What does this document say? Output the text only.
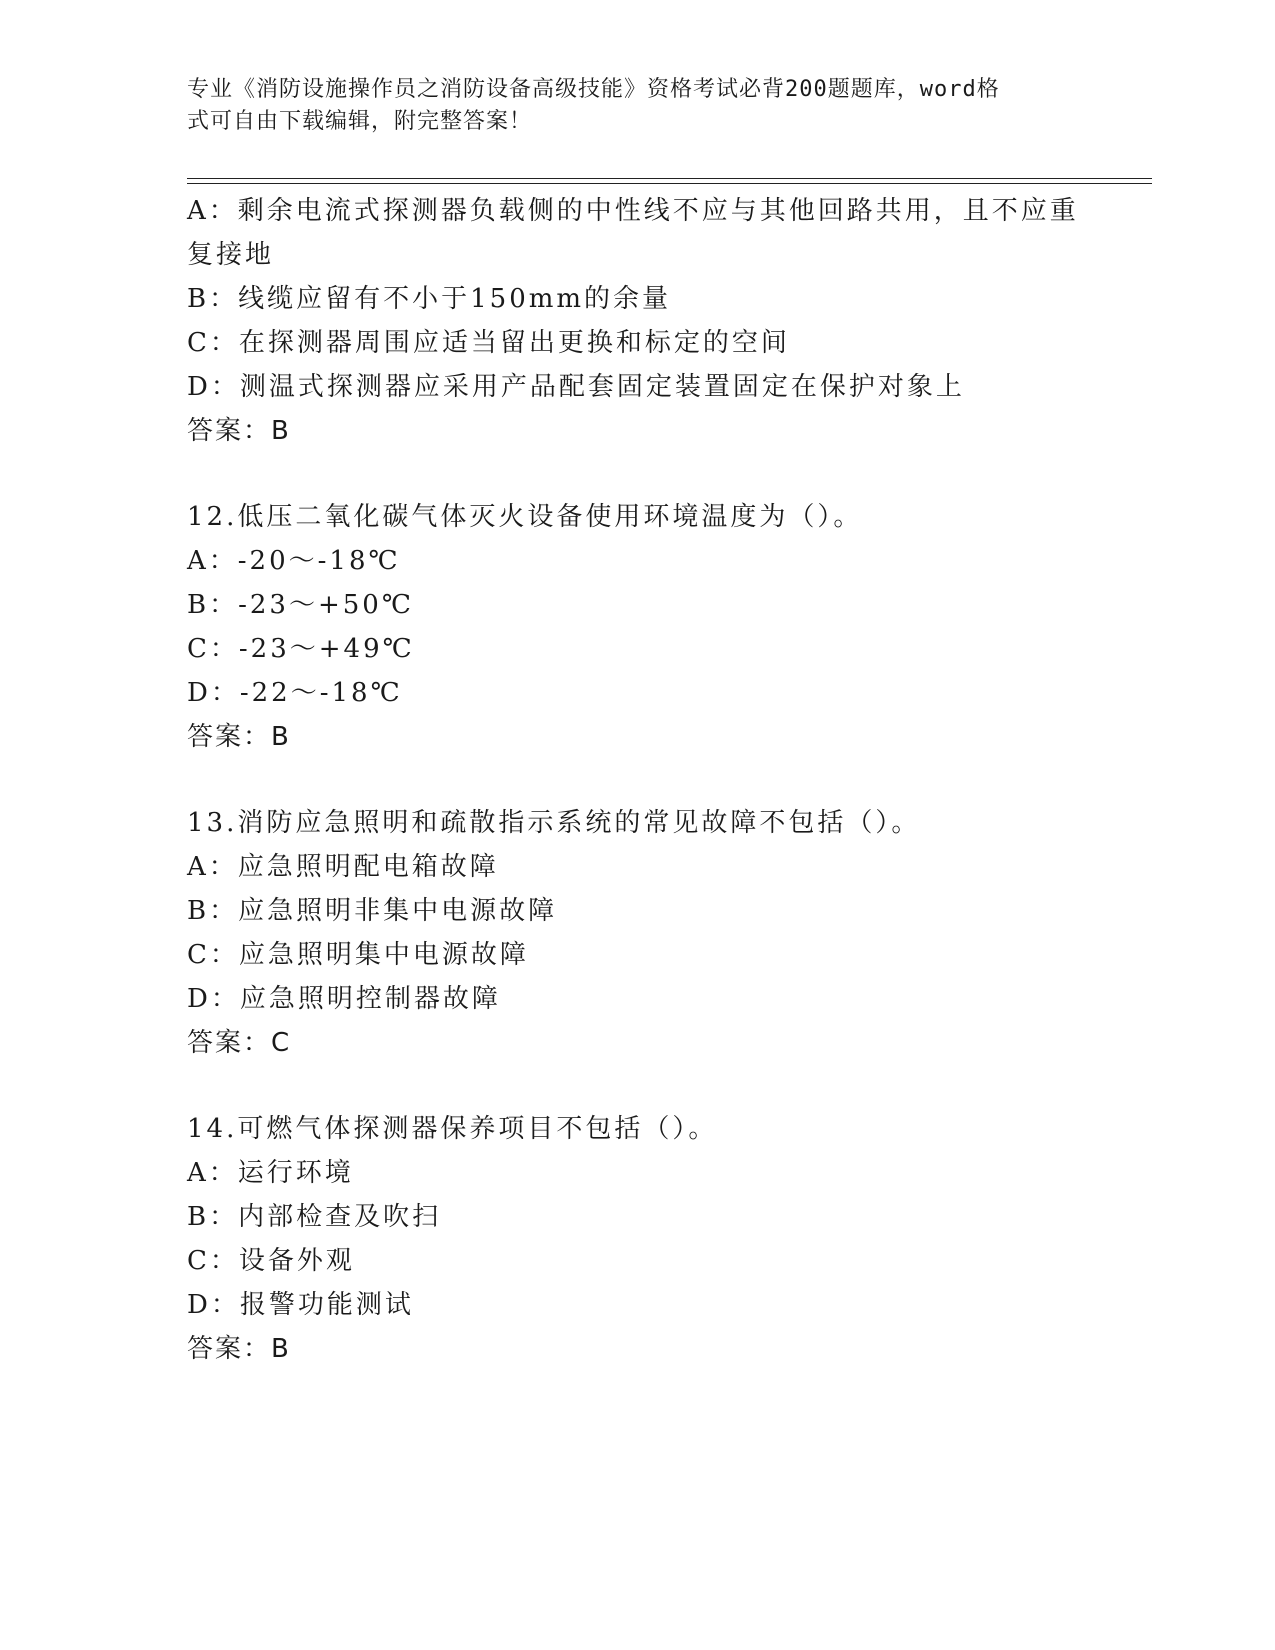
专业《消防设施操作员之消防设备高级技能》资格考试必背200题题库，word格
式可自由下载编辑，附完整答案！
A：剩余电流式探测器负载侧的中性线不应与其他回路共用，且不应重
复接地
B：线缆应留有不小于150mm的余量
C：在探测器周围应适当留出更换和标定的空间
D：测温式探测器应采用产品配套固定装置固定在保护对象上
答案：B
12.低压二氧化碳气体灭火设备使用环境温度为（）。
A：-20～-18℃
B：-23～+50℃
C：-23～+49℃
D：-22～-18℃
答案：B
13.消防应急照明和疏散指示系统的常见故障不包括（）。
A：应急照明配电箱故障
B：应急照明非集中电源故障
C：应急照明集中电源故障
D：应急照明控制器故障
答案：C
14.可燃气体探测器保养项目不包括（）。
A：运行环境
B：内部检查及吹扫
C：设备外观
D：报警功能测试
答案：B
